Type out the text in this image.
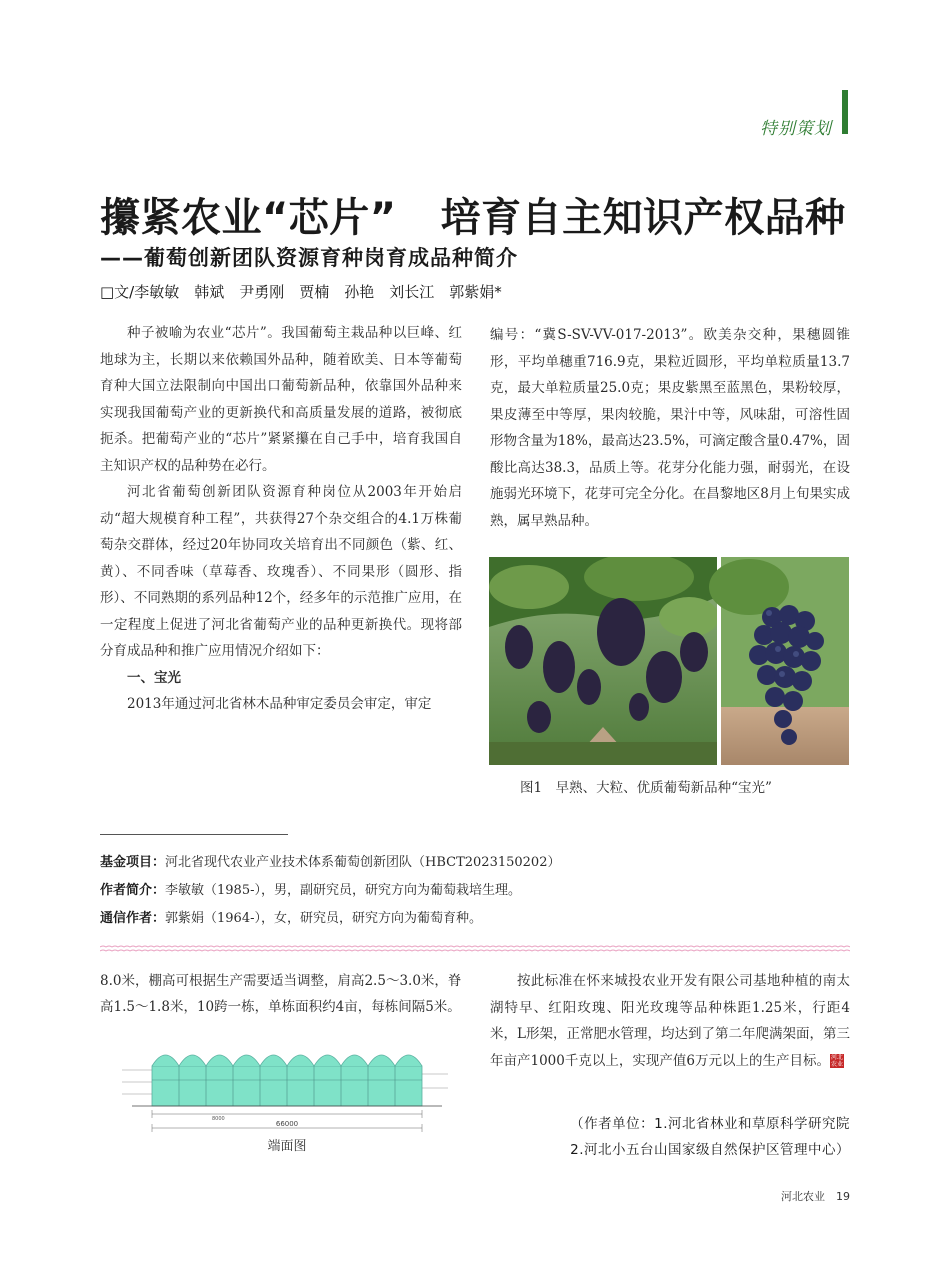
特别策划
攥紧农业“芯片” 培育自主知识产权品种
——葡萄创新团队资源育种岗育成品种简介
□文/李敏敏　韩斌　尹勇刚　贾楠　孙艳　刘长江　郭紫娟*

种子被喻为农业“芯片”。我国葡萄主栽品种以巨峰、红地球为主，长期以来依赖国外品种，随着欧美、日本等葡萄育种大国立法限制向中国出口葡萄新品种，依靠国外品种来实现我国葡萄产业的更新换代和高质量发展的道路，被彻底扼杀。把葡萄产业的“芯片”紧紧攥在自己手中，培育我国自主知识产权的品种势在必行。

河北省葡萄创新团队资源育种岗位从2003年开始启动“超大规模育种工程”，共获得27个杂交组合的4.1万株葡萄杂交群体，经过20年协同攻关培育出不同颜色（紫、红、黄）、不同香味（草莓香、玫瑰香）、不同果形（圆形、指形）、不同熟期的系列品种12个，经多年的示范推广应用，在一定程度上促进了河北省葡萄产业的品种更新换代。现将部分育成品种和推广应用情况介绍如下：

一、宝光

2013年通过河北省林木品种审定委员会审定，审定

编号：“冀S-SV-VV-017-2013”。欧美杂交种，果穗圆锥形，平均单穗重716.9克，果粒近圆形，平均单粒质量13.7克，最大单粒质量25.0克；果皮紫黑至蓝黑色，果粉较厚，果皮薄至中等厚，果肉较脆，果汁中等，风味甜，可溶性固形物含量为18%，最高达23.5%，可滴定酸含量0.47%，固酸比高达38.3，品质上等。花芽分化能力强，耐弱光，在设施弱光环境下，花芽可完全分化。在昌黎地区8月上旬果实成熟，属早熟品种。

图1　早熟、大粒、优质葡萄新品种“宝光”
基金项目：河北省现代农业产业技术体系葡萄创新团队（HBCT2023150202）
作者简介：李敏敏（1985-），男，副研究员，研究方向为葡萄栽培生理。
通信作者：郭紫娟（1964-），女，研究员，研究方向为葡萄育种。

8.0米，棚高可根据生产需要适当调整，肩高2.5～3.0米，脊高1.5～1.8米，10跨一栋，单栋面积约4亩，每栋间隔5米。

8000
66000
端面图

按此标准在怀来城投农业开发有限公司基地种植的南太湖特早、红阳玫瑰、阳光玫瑰等品种株距1.25米，行距4米，L形架，正常肥水管理，均达到了第二年爬满架面，第三年亩产1000千克以上，实现产值6万元以上的生产目标。河北农业

（作者单位：1.河北省林业和草原科学研究院
2.河北小五台山国家级自然保护区管理中心）
河北农业　19
